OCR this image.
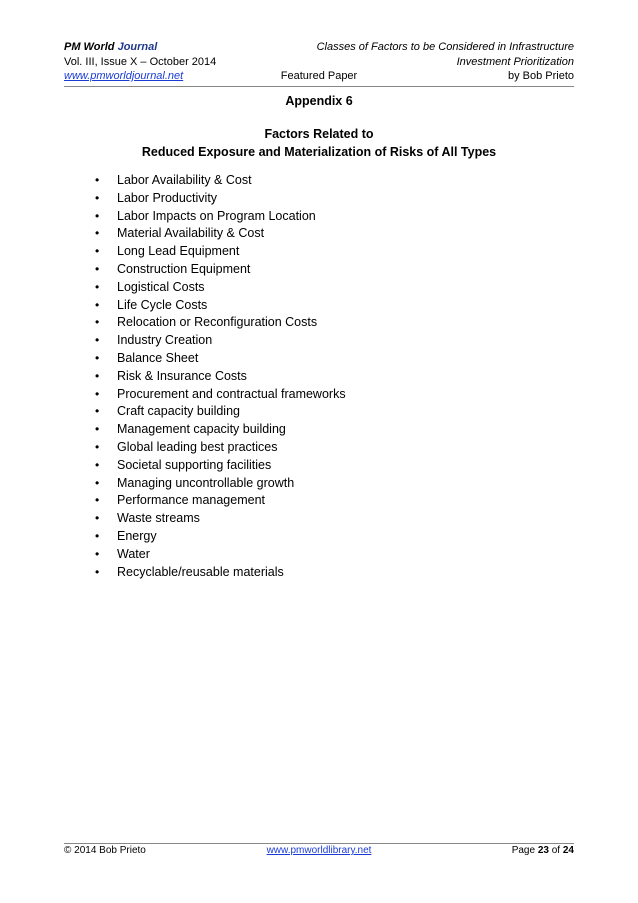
PM World Journal	Classes of Factors to be Considered in Infrastructure
Vol. III, Issue X – October 2014	Investment Prioritization
www.pmworldjournal.net	Featured Paper	by Bob Prieto
Appendix 6
Factors Related to
Reduced Exposure and Materialization of Risks of All Types
• Labor Availability & Cost
• Labor Productivity
• Labor Impacts on Program Location
• Material Availability & Cost
• Long Lead Equipment
• Construction Equipment
• Logistical Costs
• Life Cycle Costs
• Relocation or Reconfiguration Costs
• Industry Creation
• Balance Sheet
• Risk & Insurance Costs
• Procurement and contractual frameworks
• Craft capacity building
• Management capacity building
• Global leading best practices
• Societal supporting facilities
• Managing uncontrollable growth
• Performance management
• Waste streams
• Energy
• Water
• Recyclable/reusable materials
© 2014 Bob Prieto	www.pmworldlibrary.net	Page 23 of 24
